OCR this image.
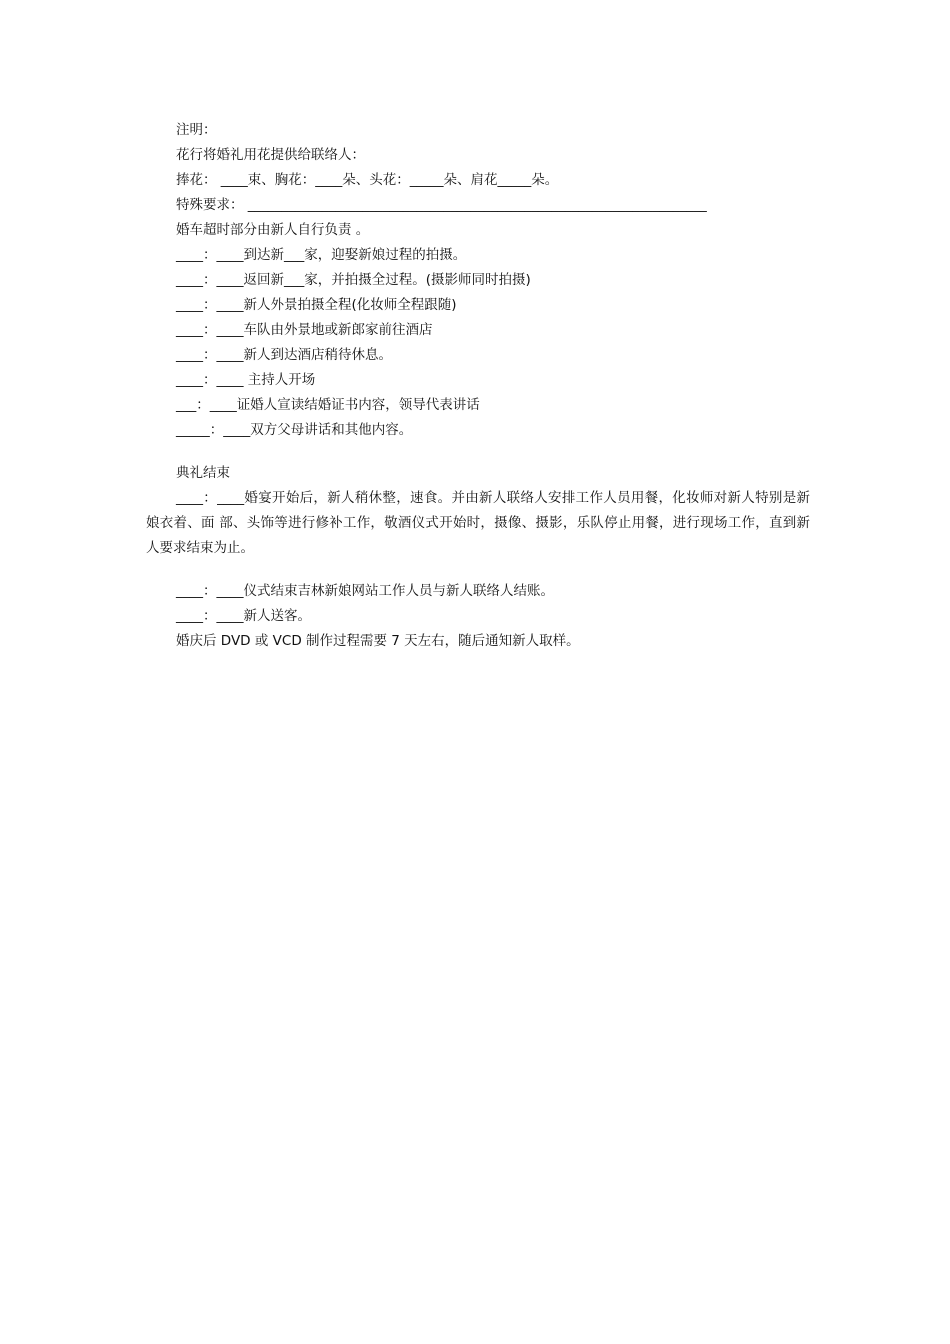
注明：
花行将婚礼用花提供给联络人：
捧花： ____束、胸花：____朵、头花：_____朵、肩花_____朵。
特殊要求： ____________________________________________________________________
婚车超时部分由新人自行负责 。
____：____到达新___家，迎娶新娘过程的拍摄。
____：____返回新___家，并拍摄全过程。(摄影师同时拍摄)
____：____新人外景拍摄全程(化妆师全程跟随)
____：____车队由外景地或新郎家前往酒店
____：____新人到达酒店稍待休息。
____：____ 主持人开场
___：____证婚人宣读结婚证书内容，领导代表讲话
_____：____双方父母讲话和其他内容。
典礼结束
____：____婚宴开始后，新人稍休整，速食。并由新人联络人安排工作人员用餐，化妆师对新人特别是新娘衣着、面 部、头饰等进行修补工作，敬酒仪式开始时，摄像、摄影，乐队停止用餐，进行现场工作，直到新人要求结束为止。
____：____仪式结束吉林新娘网站工作人员与新人联络人结账。
____：____新人送客。
婚庆后 DVD 或 VCD 制作过程需要 7 天左右，随后通知新人取样。
